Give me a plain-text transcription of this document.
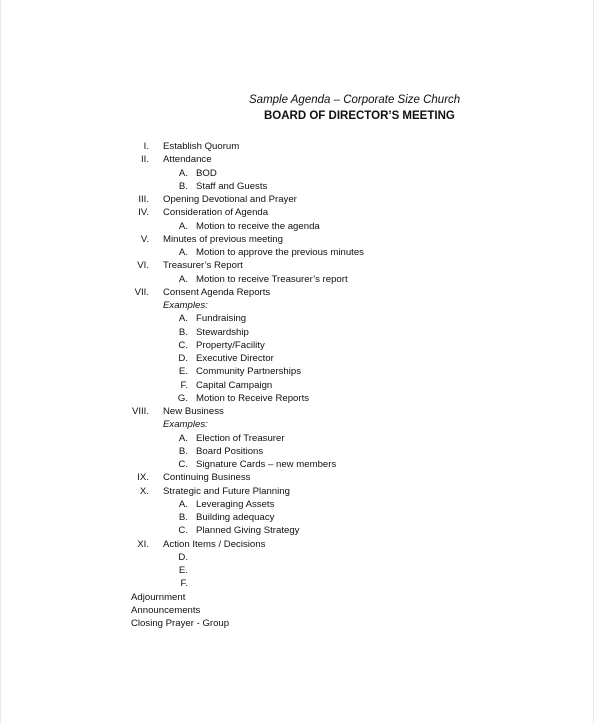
Sample Agenda – Corporate Size Church
BOARD OF DIRECTOR’S MEETING
I. Establish Quorum
II. Attendance
A. BOD
B. Staff and Guests
III. Opening Devotional and Prayer
IV. Consideration of Agenda
A. Motion to receive the agenda
V. Minutes of previous meeting
A. Motion to approve the previous minutes
VI. Treasurer’s Report
A. Motion to receive Treasurer’s report
VII. Consent Agenda Reports
Examples:
A. Fundraising
B. Stewardship
C. Property/Facility
D. Executive Director
E. Community Partnerships
F. Capital Campaign
G. Motion to Receive Reports
VIII. New Business
Examples:
A. Election of Treasurer
B. Board Positions
C. Signature Cards – new members
IX. Continuing Business
X. Strategic and Future Planning
A. Leveraging Assets
B. Building adequacy
C. Planned Giving Strategy
XI. Action Items / Decisions
D.
E.
F.
Adjournment
Announcements
Closing Prayer - Group
